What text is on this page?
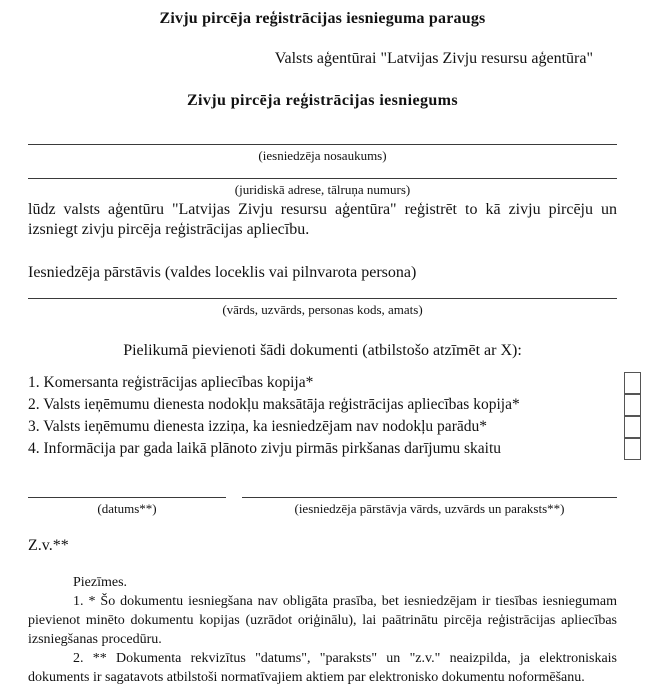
Zivju pircēja reģistrācijas iesnieguma paraugs
Valsts aģentūrai "Latvijas Zivju resursu aģentūra"
Zivju pircēja reģistrācijas iesniegums
(iesniedzēja nosaukums)
(juridiskā adrese, tālruņa numurs)
lūdz valsts aģentūru "Latvijas Zivju resursu aģentūra" reģistrēt to kā zivju pircēju un izsniegt zivju pircēja reģistrācijas apliecību.
Iesniedzēja pārstāvis (valdes loceklis vai pilnvarota persona)
(vārds, uzvārds, personas kods, amats)
Pielikumā pievienoti šādi dokumenti (atbilstošo atzīmēt ar X):
1. Komersanta reģistrācijas apliecības kopija*
2. Valsts ieņēmumu dienesta nodokļu maksātāja reģistrācijas apliecības kopija*
3. Valsts ieņēmumu dienesta izziņa, ka iesniedzējam nav nodokļu parādu*
4. Informācija par gada laikā plānoto zivju pirmās pirkšanas darījumu skaitu
(datums**)	(iesniedzēja pārstāvja vārds, uzvārds un paraksts**)
Z.v.**
Piezīmes.
1. * Šo dokumentu iesniegšana nav obligāta prasība, bet iesniedzējam ir tiesības iesniegumam pievienot minēto dokumentu kopijas (uzrādot oriģinālu), lai paātrinātu pircēja reģistrācijas apliecības izsniegšanas procedūru.
2. ** Dokumenta rekvizītus "datums", "paraksts" un "z.v." neaizpilda, ja elektroniskais dokuments ir sagatavots atbilstoši normatīvajiem aktiem par elektronisko dokumentu noformēšanu.
